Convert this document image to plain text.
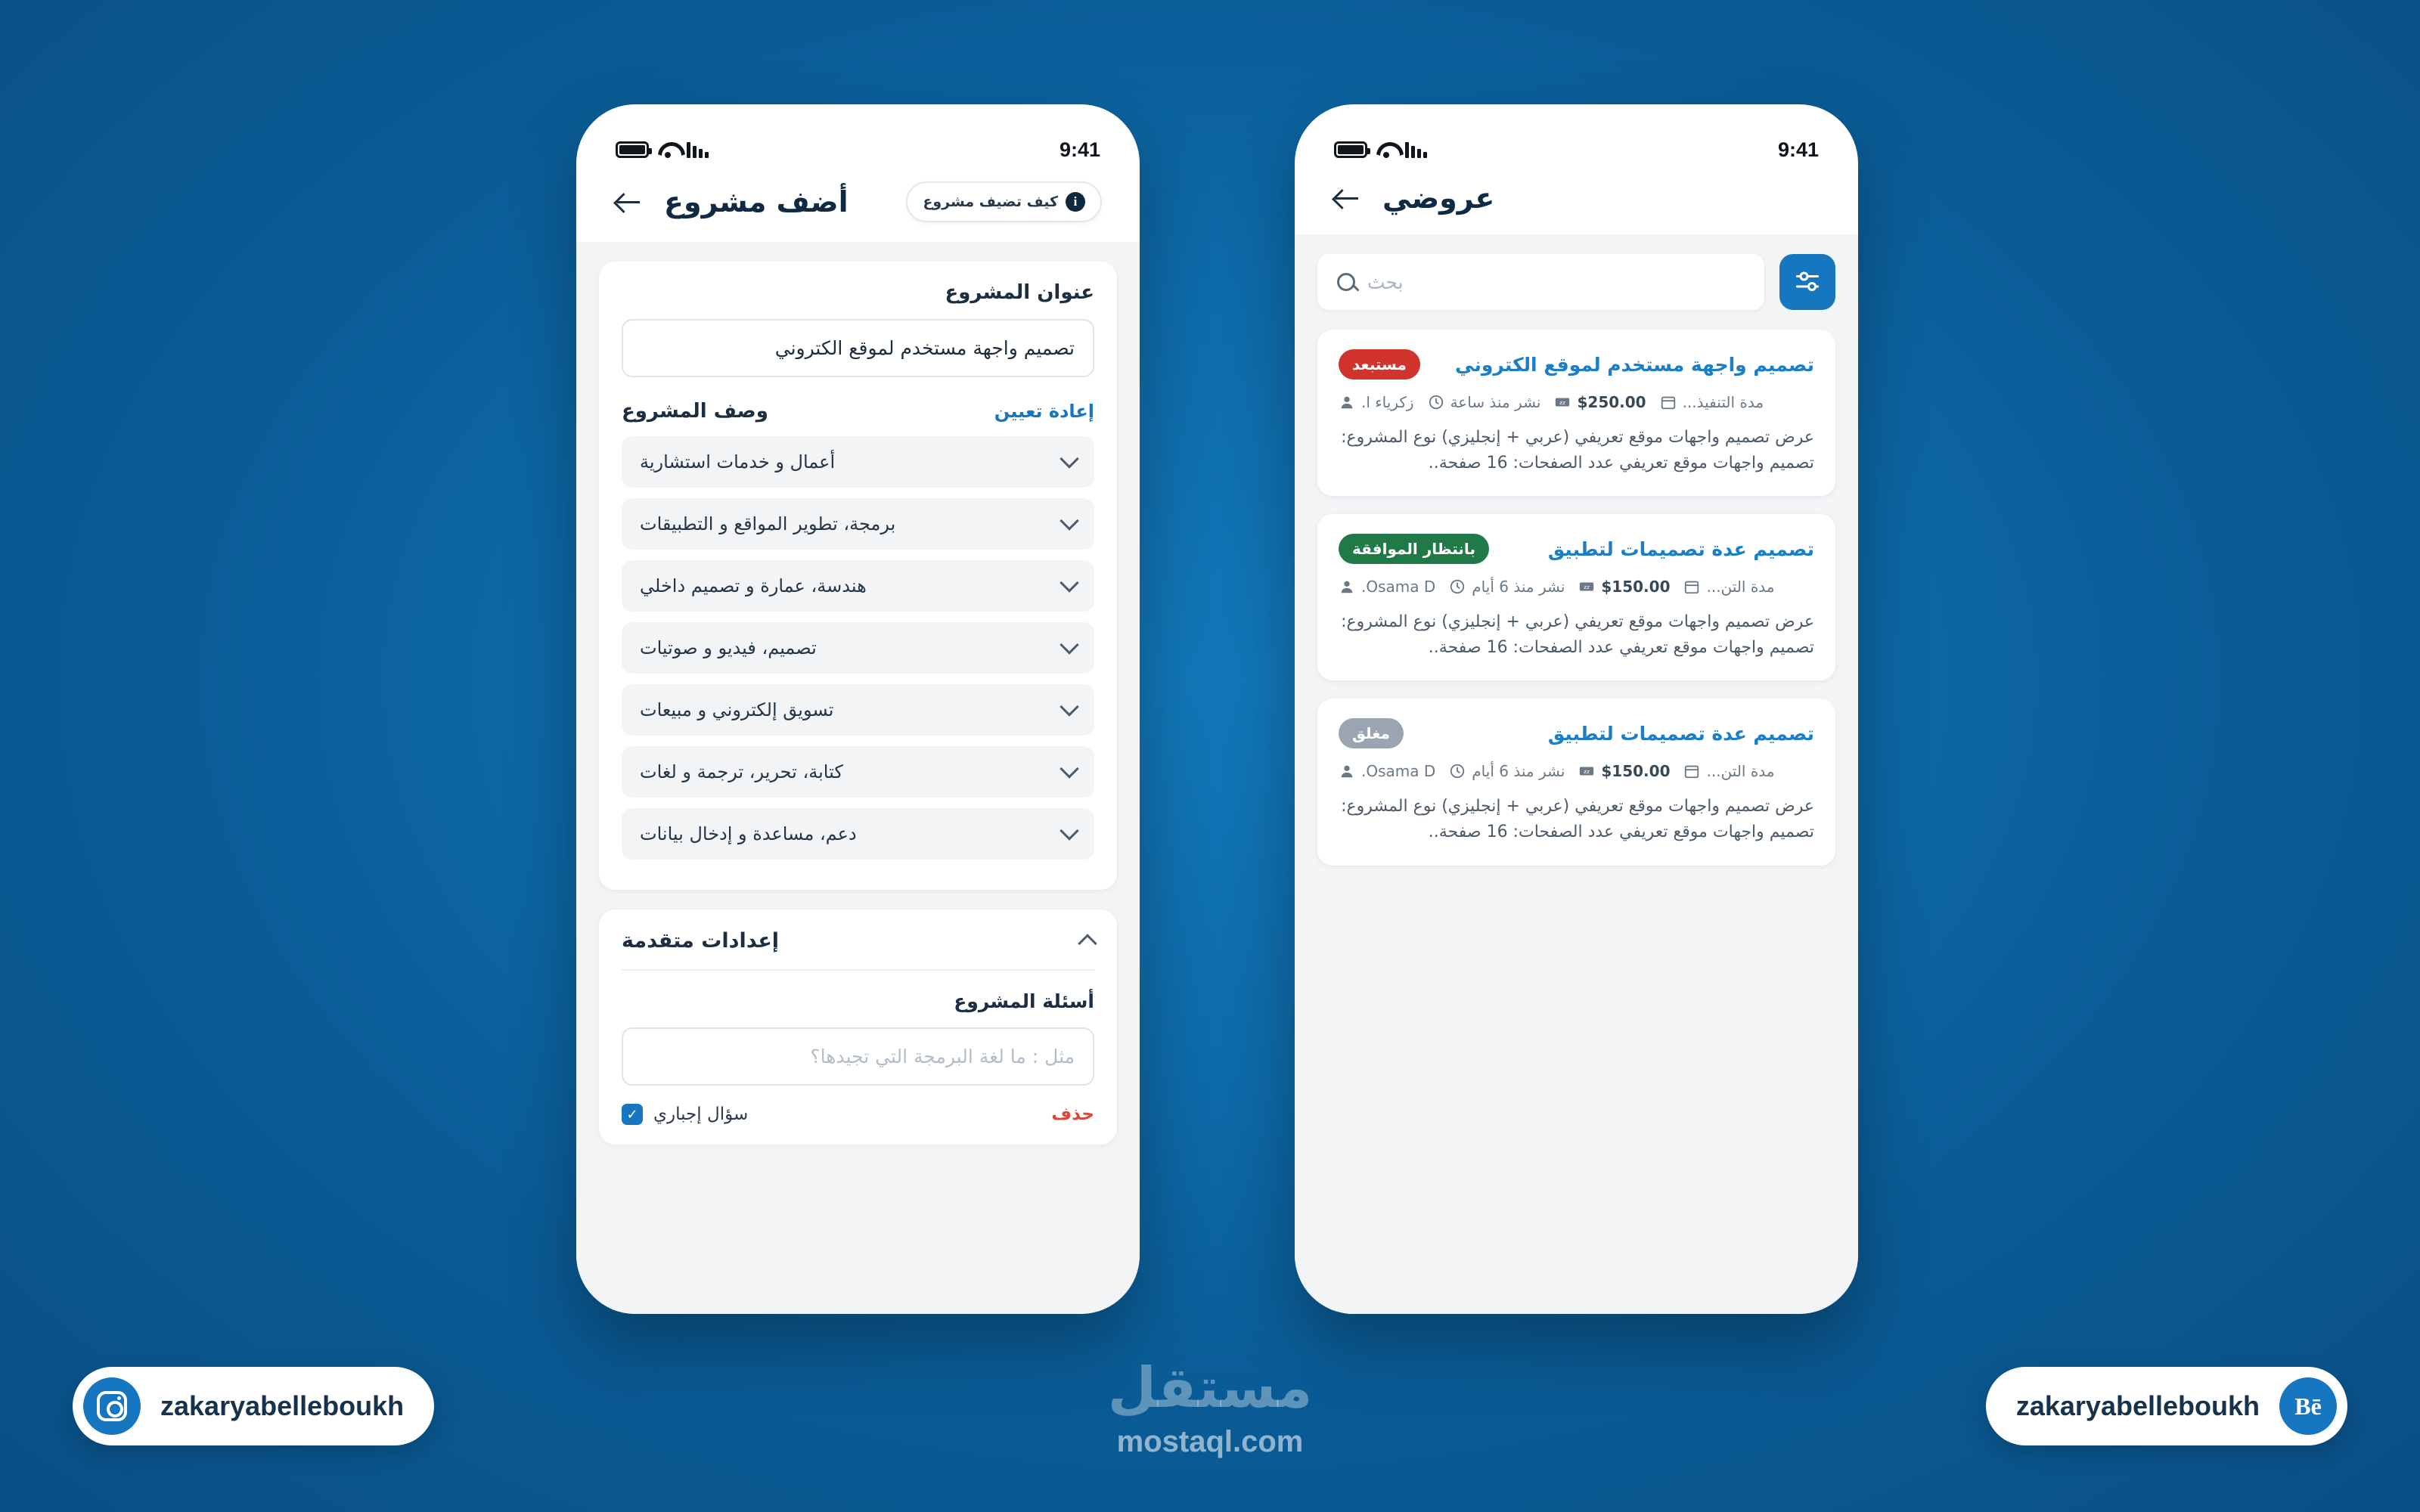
9:41
i
كيف تضيف مشروع
أضف مشروع
عنوان المشروع
تصميم واجهة مستخدم لموقع الكتروني
إعادة تعيين
وصف المشروع
أعمال و خدمات استشارية
برمجة، تطوير المواقع و التطبيقات
هندسة، عمارة و تصميم داخلي
تصميم، فيديو و صوتيات
تسويق إلكتروني و مبيعات
كتابة، تحرير، ترجمة و لغات
دعم، مساعدة و إدخال بيانات
إعدادات متقدمة
أسئلة المشروع
مثل : ما لغة البرمجة التي تجيدها؟
حذف
✓ سؤال إجباري
9:41
عروضي
بحث
مستبعد	تصميم واجهة مستخدم لموقع الكتروني
زكرياء ا. نشر منذ ساعة	zz $250.00 مدة التنفيذ...
عرض تصميم واجهات موقع تعريفي (عربي + إنجليزي) نوع المشروع: تصميم واجهات موقع تعريفي عدد الصفحات: 16 صفحة..
بانتظار الموافقة	تصميم عدة تصميمات لتطبيق
Osama D. نشر منذ 6 أيام	zz $150.00 مدة التن...
عرض تصميم واجهات موقع تعريفي (عربي + إنجليزي) نوع المشروع: تصميم واجهات موقع تعريفي عدد الصفحات: 16 صفحة..
مغلق	تصميم عدة تصميمات لتطبيق
Osama D. نشر منذ 6 أيام	zz $150.00 مدة التن...
عرض تصميم واجهات موقع تعريفي (عربي + إنجليزي) نوع المشروع: تصميم واجهات موقع تعريفي عدد الصفحات: 16 صفحة..
zakaryabelleboukh	Bē
zakaryabelleboukh
مستقل
mostaql.com
